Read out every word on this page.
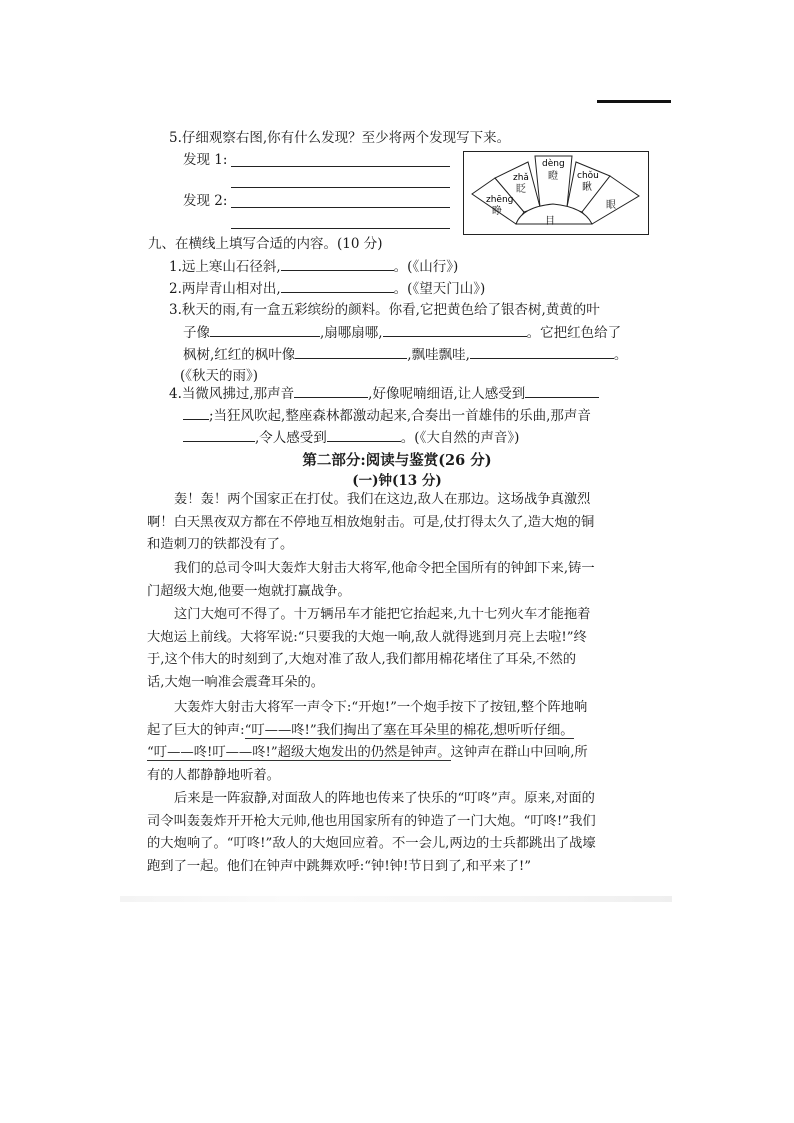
5.仔细观察右图,你有什么发现？至少将两个发现写下来。
发现 1:
发现 2:
目
zhēng
睁
zhǎ
眨
dèng
瞪 chǒu
瞅
眼
九、在横线上填写合适的内容。(10 分)
1.远上寒山石径斜,	。(《山行》)
2.两岸青山相对出,	。(《望天门山》)
3.秋天的雨,有一盒五彩缤纷的颜料。你看,它把黄色给了银杏树,黄黄的叶
子像	,扇哪扇哪,	。它把红色给了
枫树,红红的枫叶像	,飘哇飘哇,	。
(《秋天的雨》)
4.当微风拂过,那声音	,好像呢喃细语,让人感受到
;当狂风吹起,整座森林都激动起来,合奏出一首雄伟的乐曲,那声音
,令人感受到	。(《大自然的声音》)
第二部分:阅读与鉴赏(26 分)
(一)钟(13 分)
轰！轰！两个国家正在打仗。我们在这边,敌人在那边。这场战争真激烈
啊！白天黑夜双方都在不停地互相放炮射击。可是,仗打得太久了,造大炮的铜
和造刺刀的铁都没有了。
我们的总司令叫大轰炸大射击大将军,他命令把全国所有的钟卸下来,铸一
门超级大炮,他要一炮就打赢战争。
这门大炮可不得了。十万辆吊车才能把它抬起来,九十七列火车才能拖着
大炮运上前线。大将军说:“只要我的大炮一响,敌人就得逃到月亮上去啦!”终
于,这个伟大的时刻到了,大炮对准了敌人,我们都用棉花堵住了耳朵,不然的
话,大炮一响准会震聋耳朵的。
大轰炸大射击大将军一声令下:“开炮!”一个炮手按下了按钮,整个阵地响
起了巨大的钟声:“叮——咚!”我们掏出了塞在耳朵里的棉花,想听听仔细。
“叮——咚!叮——咚!”超级大炮发出的仍然是钟声。这钟声在群山中回响,所
有的人都静静地听着。
后来是一阵寂静,对面敌人的阵地也传来了快乐的“叮咚”声。原来,对面的
司令叫轰轰炸开开枪大元帅,他也用国家所有的钟造了一门大炮。“叮咚!”我们
的大炮响了。“叮咚!”敌人的大炮回应着。不一会儿,两边的士兵都跳出了战壕
跑到了一起。他们在钟声中跳舞欢呼:“钟!钟!节日到了,和平来了!”
